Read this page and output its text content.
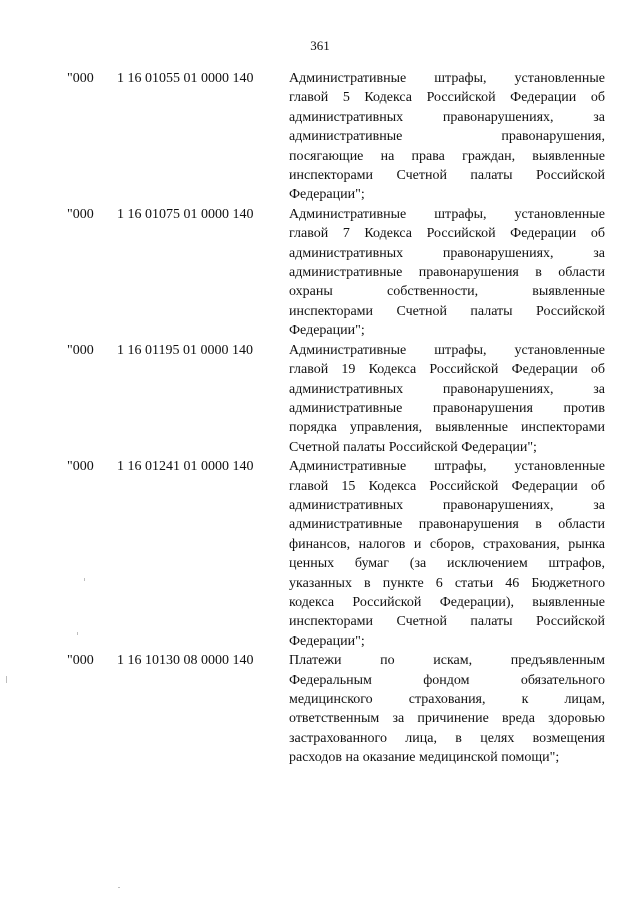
361
"000 1 16 01055 01 0000 140	Административные штрафы, установленные
главой 5 Кодекса Российской Федерации об
административных правонарушениях, за
административные правонарушения,
посягающие на права граждан, выявленные
инспекторами Счетной палаты Российской
Федерации";
"000 1 16 01075 01 0000 140	Административные штрафы, установленные
главой 7 Кодекса Российской Федерации об
административных правонарушениях, за
административные правонарушения в области
охраны собственности, выявленные
инспекторами Счетной палаты Российской
Федерации";
"000 1 16 01195 01 0000 140	Административные штрафы, установленные
главой 19 Кодекса Российской Федерации об
административных правонарушениях, за
административные правонарушения против
порядка управления, выявленные инспекторами
Счетной палаты Российской Федерации";
"000 1 16 01241 01 0000 140	Административные штрафы, установленные
главой 15 Кодекса Российской Федерации об
административных правонарушениях, за
административные правонарушения в области
финансов, налогов и сборов, страхования, рынка
ценных бумаг (за исключением штрафов,
указанных в пункте 6 статьи 46 Бюджетного
кодекса Российской Федерации), выявленные
инспекторами Счетной палаты Российской
Федерации";
"000 1 16 10130 08 0000 140	Платежи по искам, предъявленным
Федеральным фондом обязательного
медицинского страхования, к лицам,
ответственным за причинение вреда здоровью
застрахованного лица, в целях возмещения
расходов на оказание медицинской помощи";
